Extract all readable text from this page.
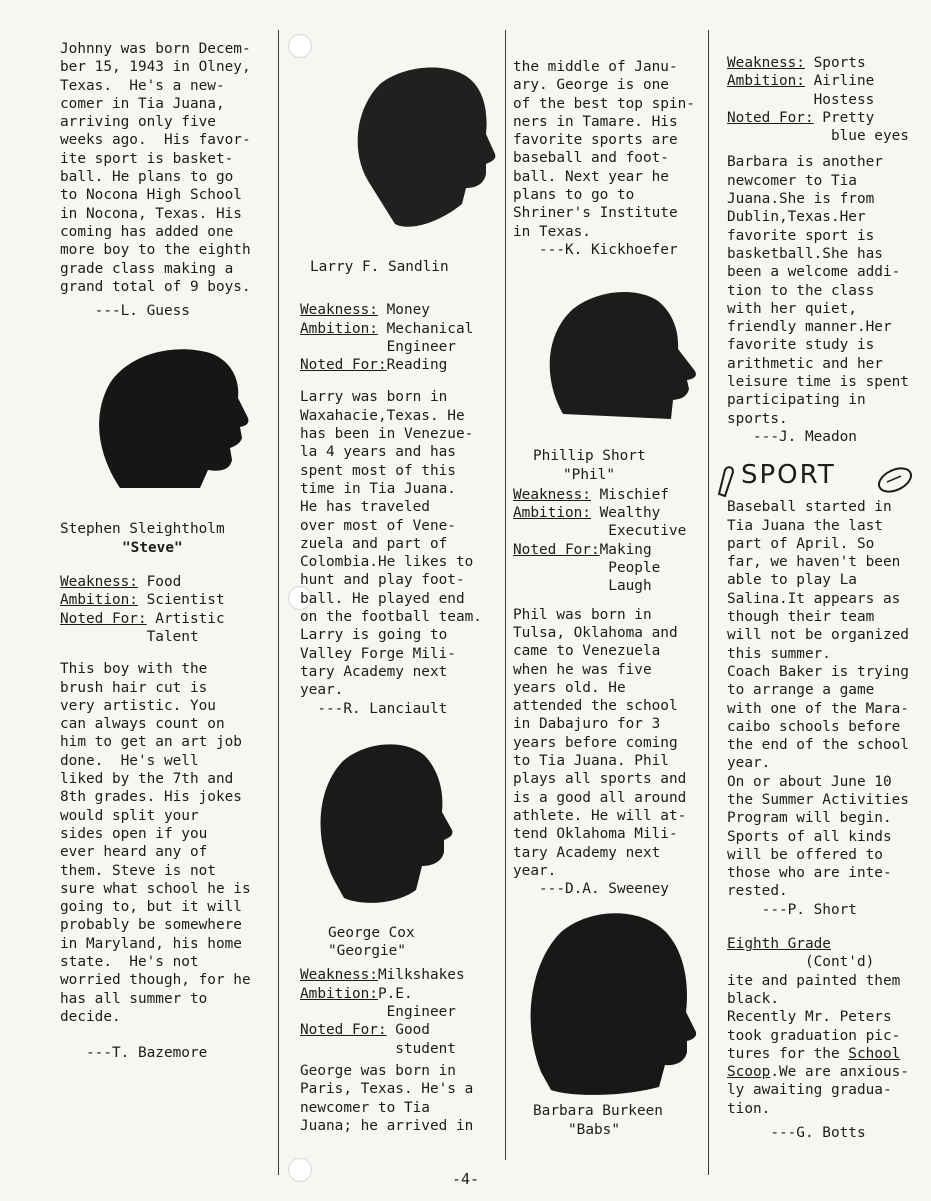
Johnny was born Decem-

ber 15, 1943 in Olney,

Texas.  He's a new-

comer in Tia Juana,

arriving only five

weeks ago.  His favor-

ite sport is basket-

ball. He plans to go

to Nocona High School

in Nocona, Texas. His

coming has added one

more boy to the eighth

grade class making a

grand total of 9 boys.

---L. Guess

Stephen Sleightholm

"Steve"

Weakness: Food
Ambition: Scientist
Noted For: Artistic
Talent

This boy with the

brush hair cut is

very artistic. You

can always count on

him to get an art job

done.  He's well

liked by the 7th and

8th grades. His jokes

would split your

sides open if you

ever heard any of

them. Steve is not

sure what school he is

going to, but it will

probably be somewhere

in Maryland, his home

state.  He's not

worried though, for he

has all summer to

decide.

---T. Bazemore

Larry F. Sandlin

Weakness: Money
Ambition: Mechanical
Engineer
Noted For:Reading

Larry was born in

Waxahacie,Texas. He

has been in Venezue-

la 4 years and has

spent most of this

time in Tia Juana.

He has traveled

over most of Vene-

zuela and part of

Colombia.He likes to

hunt and play foot-

ball. He played end

on the football team.

Larry is going to

Valley Forge Mili-

tary Academy next

year.

---R. Lanciault

George Cox

"Georgie"

Weakness:Milkshakes
Ambition:P.E.
Engineer
Noted For: Good
student

George was born in

Paris, Texas. He's a

newcomer to Tia

Juana; he arrived in

the middle of Janu-

ary. George is one

of the best top spin-

ners in Tamare. His

favorite sports are

baseball and foot-

ball. Next year he

plans to go to

Shriner's Institute

in Texas.

---K. Kickhoefer

Phillip Short

"Phil"

Weakness: Mischief
Ambition: Wealthy
Executive
Noted For:Making
People
Laugh

Phil was born in

Tulsa, Oklahoma and

came to Venezuela

when he was five

years old. He

attended the school

in Dabajuro for 3

years before coming

to Tia Juana. Phil

plays all sports and

is a good all around

athlete. He will at-

tend Oklahoma Mili-

tary Academy next

year.

---D.A. Sweeney

Barbara Burkeen

"Babs"

Weakness: Sports
Ambition: Airline
Hostess
Noted For: Pretty
blue eyes

Barbara is another

newcomer to Tia

Juana.She is from

Dublin,Texas.Her

favorite sport is

basketball.She has

been a welcome addi-

tion to the class

with her quiet,

friendly manner.Her

favorite study is

arithmetic and her

leisure time is spent

participating in

sports.

---J. Meadon

SPORT

Baseball started in

Tia Juana the last

part of April. So

far, we haven't been

able to play La

Salina.It appears as

though their team

will not be organized

this summer.

Coach Baker is trying

to arrange a game

with one of the Mara-

caibo schools before

the end of the school

year.

On or about June 10

the Summer Activities

Program will begin.

Sports of all kinds

will be offered to

those who are inte-

rested.

---P. Short

Eighth Grade

(Cont'd)

ite and painted them

black.

Recently Mr. Peters

took graduation pic-

tures for the School
Scoop.We are anxious-

ly awaiting gradua-

tion.

---G. Botts

-4-
